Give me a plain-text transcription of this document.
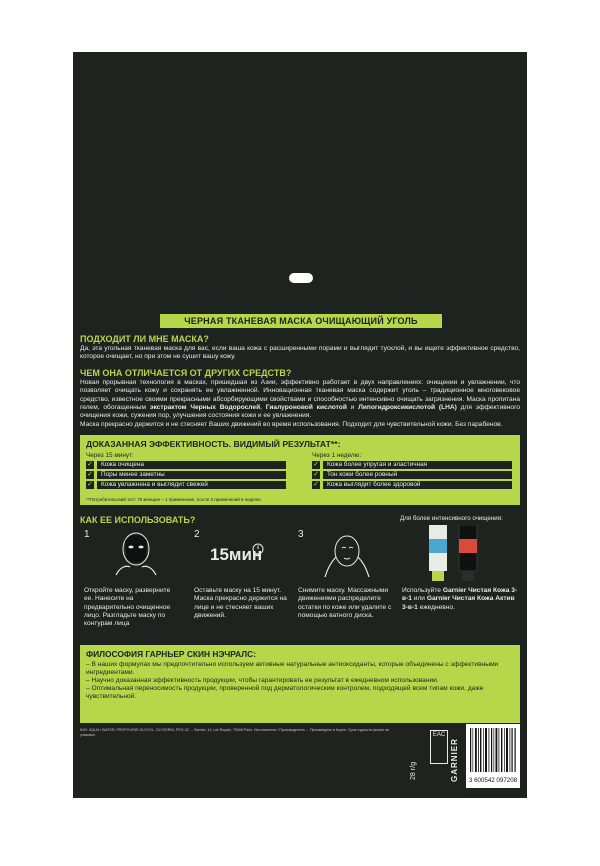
ЧЕРНАЯ ТКАНЕВАЯ МАСКА ОЧИЩАЮЩИЙ УГОЛЬ
ПОДХОДИТ ЛИ МНЕ МАСКА?

Да, эта угольная тканевая маска для вас, если ваша кожа с расширенными порами и выглядит тусклой, и вы ищете эффективное средство, которое очищает, но при этом не сушит вашу кожу.

ЧЕМ ОНА ОТЛИЧАЕТСЯ ОТ ДРУГИХ СРЕДСТВ?

Новая прорывная технология в масках, пришедшая из Азии, эффективно работает в двух направлениях: очищении и увлажнении, что позволяет очищать кожу и сохранять ее увлажненной. Инновационная тканевая маска содержит уголь – традиционное многовековое средство, известное своими прекрасными абсорбирующими свойствами и способностью интенсивно очищать загрязнения. Маска пропитана гелем, обогащенным экстрактом Черных Водорослей, Гиалуроновой кислотой и Липогидроксикислотой (LHA) для эффективного очищения кожи, сужения пор, улучшения состояния кожи и ее увлажнения.

Маска прекрасно держится и не стесняет Ваших движений во время использования. Подходит для чувствительной кожи. Без парабенов.

ДОКАЗАННАЯ ЭФФЕКТИВНОСТЬ. ВИДИМЫЙ РЕЗУЛЬТАТ**:
Через 15 минут:
✓	Кожа очищена
✓	Поры менее заметны
✓	Кожа увлажнена и выглядит свежей
Через 1 неделю:
✓	Кожа более упругая и эластичная
✓	Тон кожи более ровный
✓	Кожа выглядит более здоровой
**Потребительский тест 75 женщин – 1 применение, после 3 применений в неделю.
КАК ЕЕ ИСПОЛЬЗОВАТЬ?	Для более интенсивного очищения:
1
Откройте маску, разверните ее. Нанесите на предварительно очищенное лицо. Разгладьте маску по контурам лица
2
15мин
Оставьте маску на 15 минут. Маска прекрасно держится на лице и не стесняет ваших движений.
3
Снимите маску. Массажными движениями распределите остатки по коже или удалите с помощью ватного диска.
Используйте Garnier Чистая Кожа 3-в-1 или Garnier Чистая Кожа Актив 3-в-1 ежедневно.
ФИЛОСОФИЯ ГАРНЬЕР СКИН НЭЧРАЛС:

– В наших формулах мы предпочтительно используем активные натуральные антиоксиданты, которые объединены с эффективными ингредиентами.

– Научно доказанная эффективность продукции, чтобы гарантировать ее результат в ежедневном использовании.

– Оптимальная переносимость продукции, проверенной под дерматологическим контролем, подходящей всем типам кожи, даже чувствительной.

INCI: AQUA / WATER, PROPYLENE GLYCOL, GLYCERIN, PEG-32 ... Garnier, 14, rue Royale, 75008 Paris. Изготовитель / Производитель ... Произведено в Корее. Срок годности указан на упаковке.
28 г/g
EAC
GARNIER 3 600542 097208
